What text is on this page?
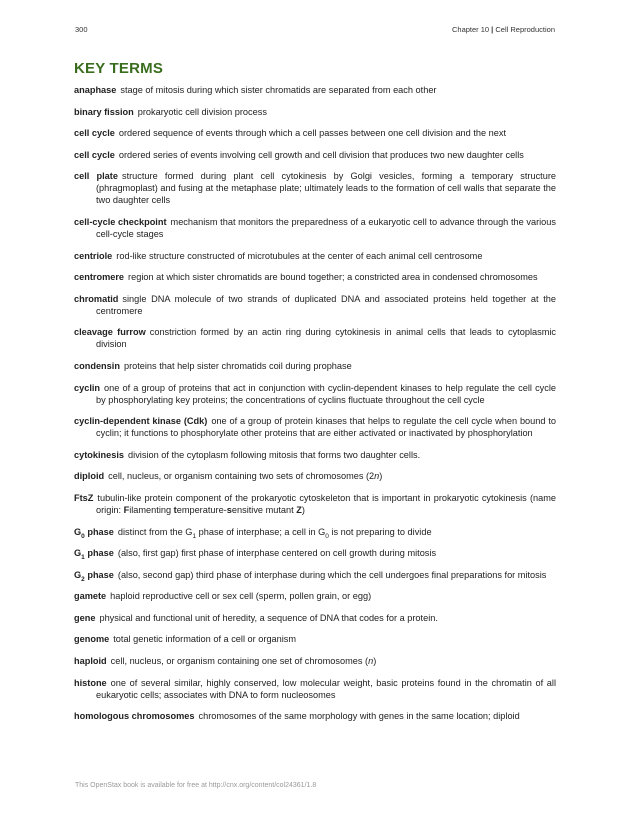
300	Chapter 10 | Cell Reproduction
KEY TERMS
anaphase stage of mitosis during which sister chromatids are separated from each other
binary fission prokaryotic cell division process
cell cycle ordered sequence of events through which a cell passes between one cell division and the next
cell cycle ordered series of events involving cell growth and cell division that produces two new daughter cells
cell plate structure formed during plant cell cytokinesis by Golgi vesicles, forming a temporary structure (phragmoplast) and fusing at the metaphase plate; ultimately leads to the formation of cell walls that separate the two daughter cells
cell-cycle checkpoint mechanism that monitors the preparedness of a eukaryotic cell to advance through the various cell-cycle stages
centriole rod-like structure constructed of microtubules at the center of each animal cell centrosome
centromere region at which sister chromatids are bound together; a constricted area in condensed chromosomes
chromatid single DNA molecule of two strands of duplicated DNA and associated proteins held together at the centromere
cleavage furrow constriction formed by an actin ring during cytokinesis in animal cells that leads to cytoplasmic division
condensin proteins that help sister chromatids coil during prophase
cyclin one of a group of proteins that act in conjunction with cyclin-dependent kinases to help regulate the cell cycle by phosphorylating key proteins; the concentrations of cyclins fluctuate throughout the cell cycle
cyclin-dependent kinase (Cdk) one of a group of protein kinases that helps to regulate the cell cycle when bound to cyclin; it functions to phosphorylate other proteins that are either activated or inactivated by phosphorylation
cytokinesis division of the cytoplasm following mitosis that forms two daughter cells.
diploid cell, nucleus, or organism containing two sets of chromosomes (2n)
FtsZ tubulin-like protein component of the prokaryotic cytoskeleton that is important in prokaryotic cytokinesis (name origin: Filamenting temperature-sensitive mutant Z)
$G_0$ phase distinct from the $G_1$ phase of interphase; a cell in $G_0$ is not preparing to divide
$G_1$ phase (also, first gap) first phase of interphase centered on cell growth during mitosis
$G_2$ phase (also, second gap) third phase of interphase during which the cell undergoes final preparations for mitosis
gamete haploid reproductive cell or sex cell (sperm, pollen grain, or egg)
gene physical and functional unit of heredity, a sequence of DNA that codes for a protein.
genome total genetic information of a cell or organism
haploid cell, nucleus, or organism containing one set of chromosomes (n)
histone one of several similar, highly conserved, low molecular weight, basic proteins found in the chromatin of all eukaryotic cells; associates with DNA to form nucleosomes
homologous chromosomes chromosomes of the same morphology with genes in the same location; diploid
This OpenStax book is available for free at http://cnx.org/content/col24361/1.8
